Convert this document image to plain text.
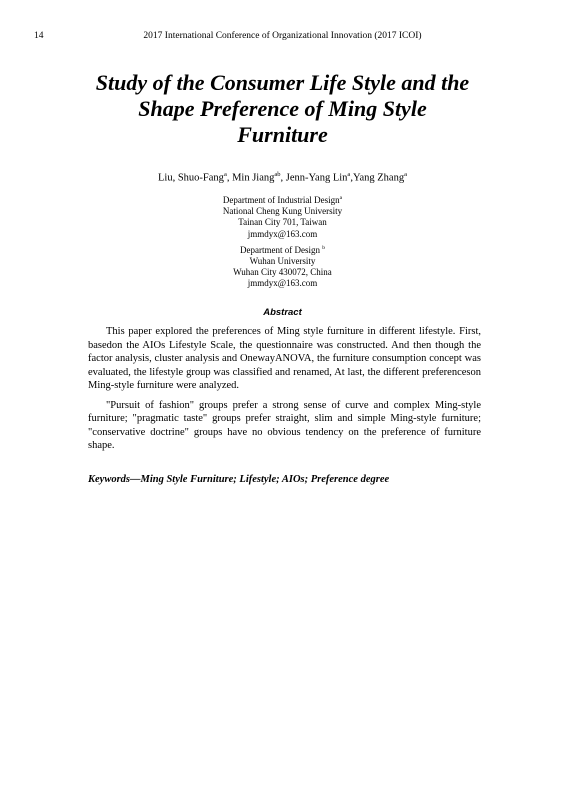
14	2017 International Conference of Organizational Innovation (2017 ICOI)
Study of the Consumer Life Style and the
Shape Preference of Ming Style
Furniture
Liu, Shuo-Fang$^a$, Min Jiang$^{ab}$, Jenn-Yang Lin$^a$,Yang Zhang$^a$
Department of Industrial Design$^a$
National Cheng Kung University
Tainan City 701, Taiwan
jmmdyx@163.com
Department of Design $^b$
Wuhan University
Wuhan City 430072, China
jmmdyx@163.com
Abstract

This paper explored the preferences of Ming style furniture in different lifestyle. First, basedon the AIOs Lifestyle Scale, the questionnaire was constructed. And then though the factor analysis, cluster analysis and OnewayANOVA, the furniture consumption concept was evaluated, the lifestyle group was classified and renamed, At last, the different preferenceson Ming-style furniture were analyzed.

"Pursuit of fashion" groups prefer a strong sense of curve and complex Ming-style furniture; "pragmatic taste" groups prefer straight, slim and simple Ming-style furniture; "conservative doctrine" groups have no obvious tendency on the preference of furniture shape.

Keywords—Ming Style Furniture; Lifestyle; AIOs; Preference degree
